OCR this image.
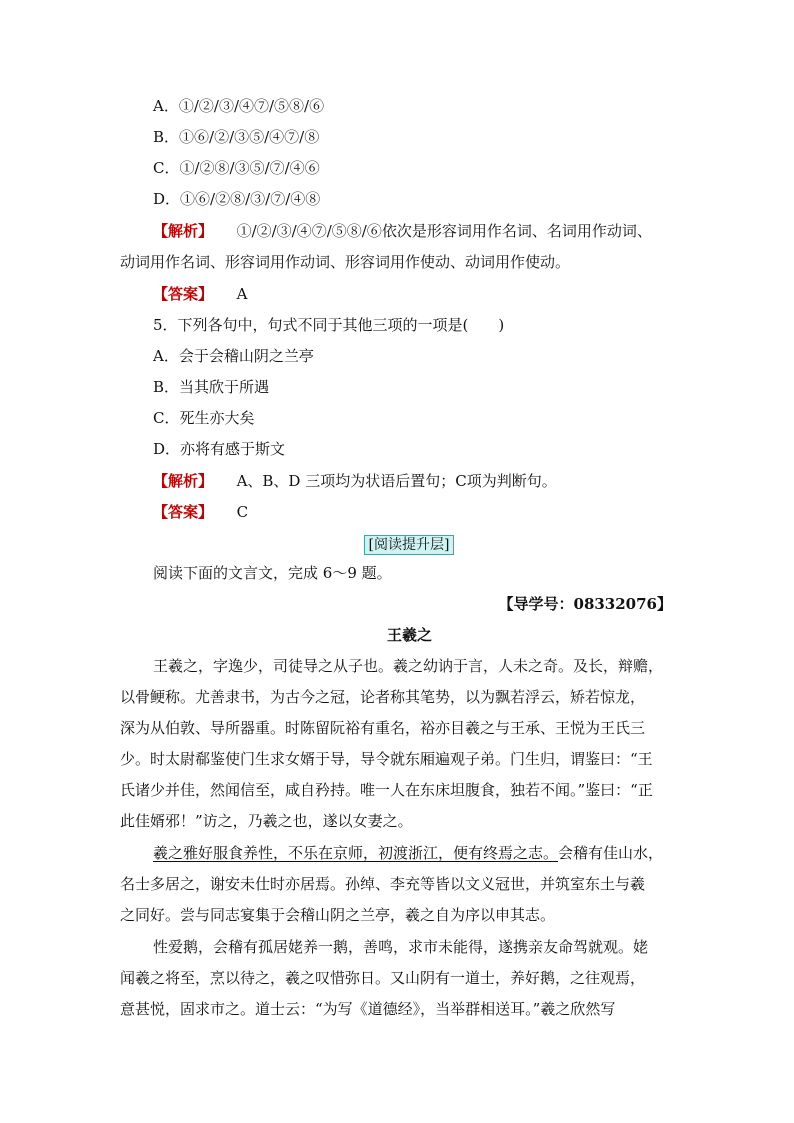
A．①/②/③/④⑦/⑤⑧/⑥
B．①⑥/②/③⑤/④⑦/⑧
C．①/②⑧/③⑤/⑦/④⑥
D．①⑥/②⑧/③/⑦/④⑧
【解析】 ①/②/③/④⑦/⑤⑧/⑥依次是形容词用作名词、名词用作动词、
动词用作名词、形容词用作动词、形容词用作使动、动词用作使动。
【答案】 A
5．下列各句中，句式不同于其他三项的一项是(　　)
A．会于会稽山阴之兰亭
B．当其欣于所遇
C．死生亦大矣
D．亦将有感于斯文
【解析】 A、B、D 三项均为状语后置句；C项为判断句。
【答案】 C
[阅读提升层]
阅读下面的文言文，完成 6～9 题。
【导学号：08332076】
王羲之
王羲之，字逸少，司徒导之从子也。羲之幼讷于言，人未之奇。及长，辩赡，
以骨鲠称。尤善隶书，为古今之冠，论者称其笔势，以为飘若浮云，矫若惊龙，
深为从伯敦、导所器重。时陈留阮裕有重名，裕亦目羲之与王承、王悦为王氏三
少。时太尉郗鉴使门生求女婿于导，导令就东厢遍观子弟。门生归，谓鉴曰：“王
氏诸少并佳，然闻信至，咸自矜持。唯一人在东床坦腹食，独若不闻。”鉴曰：“正
此佳婿邪！”访之，乃羲之也，遂以女妻之。
羲之雅好服食养性，不乐在京师，初渡浙江，便有终焉之志。会稽有佳山水，
名士多居之，谢安未仕时亦居焉。孙绰、李充等皆以文义冠世，并筑室东土与羲
之同好。尝与同志宴集于会稽山阴之兰亭，羲之自为序以申其志。
性爱鹅，会稽有孤居姥养一鹅，善鸣，求市未能得，遂携亲友命驾就观。姥
闻羲之将至，烹以待之，羲之叹惜弥日。又山阴有一道士，养好鹅，之往观焉，
意甚悦，固求市之。道士云：“为写《道德经》，当举群相送耳。”羲之欣然写
